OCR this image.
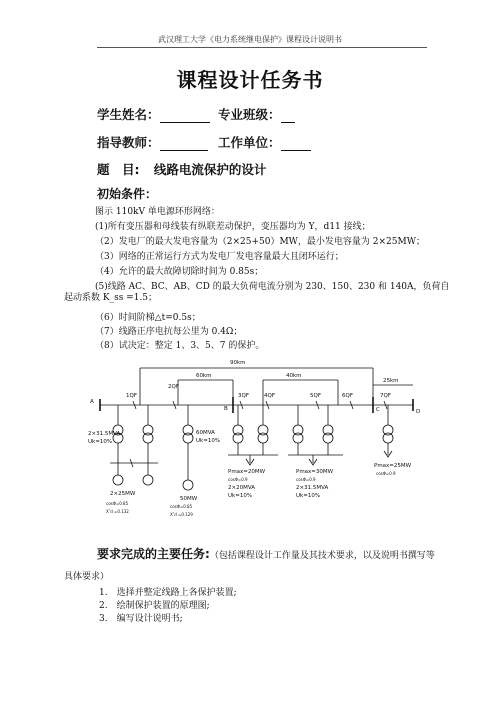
武汉理工大学《电力系统继电保护》课程设计说明书
课程设计任务书
学生姓名：	专业班级：
指导教师：	工作单位：
题　目: 线路电流保护的设计
初始条件：
图示 110kV 单电源环形网络：
(1)所有变压器和母线装有纵联差动保护，变压器均为 Y，d11 接线；
（2）发电厂的最大发电容量为（2×25+50）MW，最小发电容量为 2×25MW；
（3）网络的正常运行方式为发电厂发电容量最大且闭环运行；
（4）允许的最大故障切除时间为 0.85s；
(5)线路 AC、BC、AB、CD 的最大负荷电流分别为 230、150、230 和 140A，负荷自
起动系数 K_ss =1.5；
（6）时间阶梯△t=0.5s；
（7）线路正序电抗每公里为 0.4Ω；
（8）试决定：整定 1、3、5、7 的保护。
90km
60km	40km
25km
1QF
2QF
3QF	4QF	5QF	6QF	7QF
A
B	C	D
2×31.5MVA
Uk=10%
60MVA
Uk=10%
2×25MW
cosΦ=0.85
X″d =0.132
50MW
cosΦ=0.85
X″d =0.129
Pmax=20MW
cosΦ=0.9
2×20MVA
Uk=10%
Pmax=30MW
cosΦ=0.9
2×31.5MVA
Uk=10%
Pmax=25MW
cosΦ=0.9
要求完成的主要任务:（包括课程设计工作量及其技术要求，以及说明书撰写等
具体要求）
1.　选择并整定线路上各保护装置;
2.　绘制保护装置的原理图;
3.　编写设计说明书;
